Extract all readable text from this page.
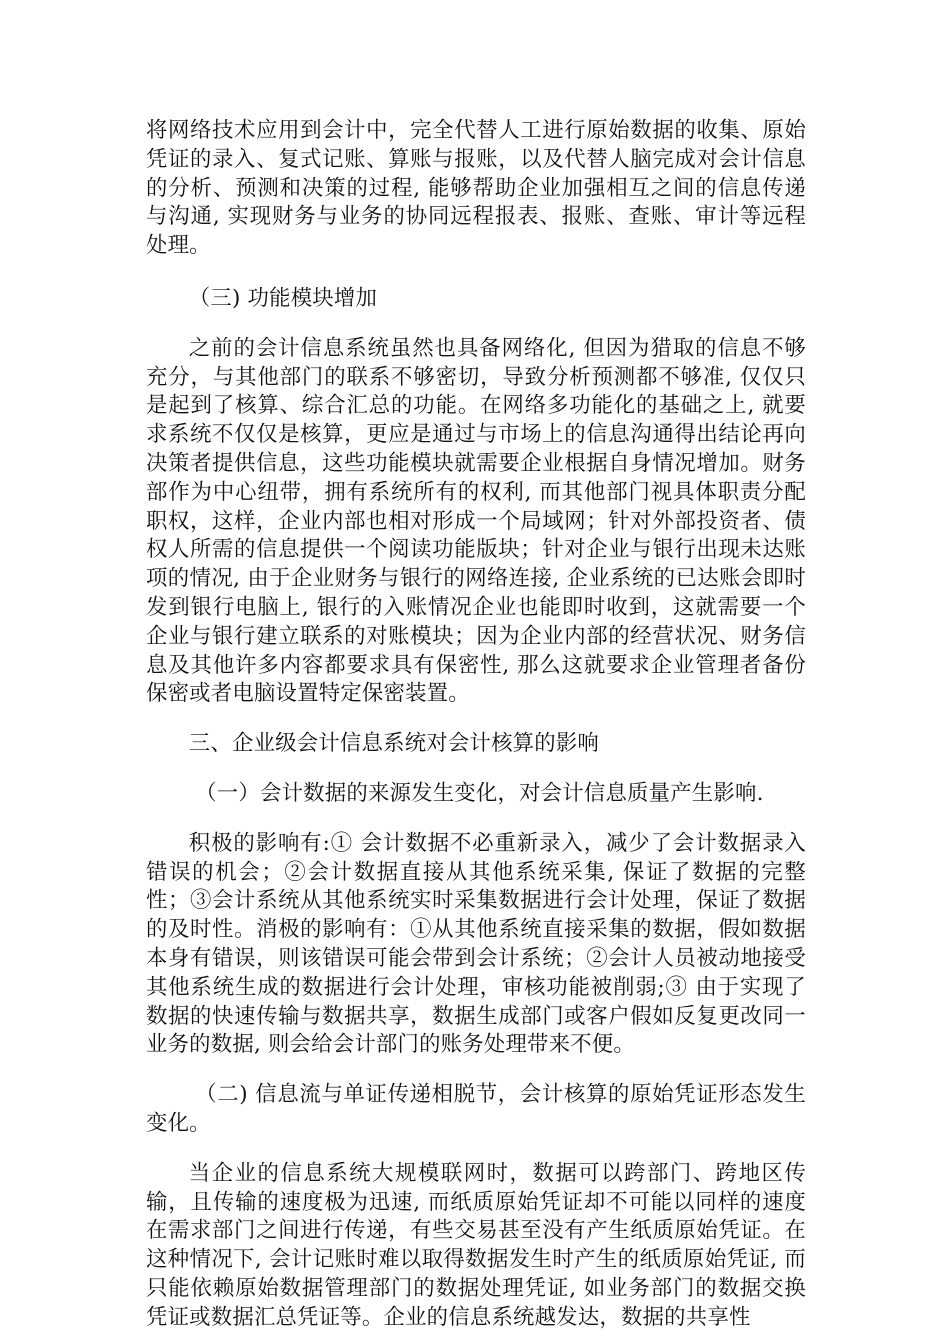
将网络技术应用到会计中，完全代替人工进行原始数据的收集、原始凭证的录入、复式记账、算账与报账，以及代替人脑完成对会计信息的分析、预测和决策的过程, 能够帮助企业加强相互之间的信息传递与沟通, 实现财务与业务的协同远程报表、报账、查账、审计等远程处理。

（三) 功能模块增加

之前的会计信息系统虽然也具备网络化, 但因为猎取的信息不够充分，与其他部门的联系不够密切，导致分析预测都不够准, 仅仅只是起到了核算、综合汇总的功能。在网络多功能化的基础之上, 就要求系统不仅仅是核算，更应是通过与市场上的信息沟通得出结论再向决策者提供信息，这些功能模块就需要企业根据自身情况增加。财务部作为中心纽带，拥有系统所有的权利, 而其他部门视具体职责分配职权，这样，企业内部也相对形成一个局域网；针对外部投资者、债权人所需的信息提供一个阅读功能版块；针对企业与银行出现未达账项的情况, 由于企业财务与银行的网络连接, 企业系统的已达账会即时发到银行电脑上, 银行的入账情况企业也能即时收到，这就需要一个企业与银行建立联系的对账模块；因为企业内部的经营状况、财务信息及其他许多内容都要求具有保密性, 那么这就要求企业管理者备份保密或者电脑设置特定保密装置。

三、企业级会计信息系统对会计核算的影响

（一）会计数据的来源发生变化，对会计信息质量产生影响.

积极的影响有:① 会计数据不必重新录入，减少了会计数据录入错误的机会；②会计数据直接从其他系统采集, 保证了数据的完整性；③会计系统从其他系统实时采集数据进行会计处理，保证了数据的及时性。消极的影响有：①从其他系统直接采集的数据，假如数据本身有错误，则该错误可能会带到会计系统；②会计人员被动地接受其他系统生成的数据进行会计处理，审核功能被削弱;③ 由于实现了数据的快速传输与数据共享，数据生成部门或客户假如反复更改同一业务的数据, 则会给会计部门的账务处理带来不便。

（二) 信息流与单证传递相脱节，会计核算的原始凭证形态发生变化。

当企业的信息系统大规模联网时，数据可以跨部门、跨地区传输，且传输的速度极为迅速, 而纸质原始凭证却不可能以同样的速度在需求部门之间进行传递，有些交易甚至没有产生纸质原始凭证。在这种情况下, 会计记账时难以取得数据发生时产生的纸质原始凭证, 而只能依赖原始数据管理部门的数据处理凭证, 如业务部门的数据交换凭证或数据汇总凭证等。企业的信息系统越发达，数据的共享性
